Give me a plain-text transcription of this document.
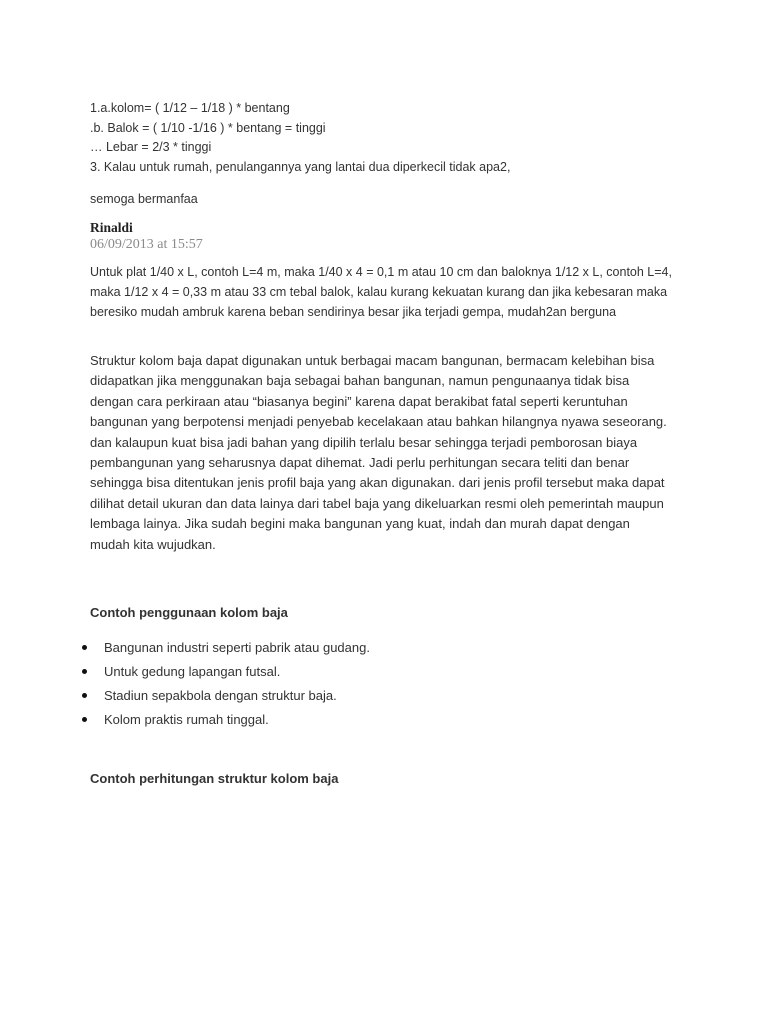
1.a.kolom= ( 1/12 – 1/18 ) * bentang
.b. Balok = ( 1/10 -1/16 ) * bentang = tinggi
… Lebar = 2/3 * tinggi
3. Kalau untuk rumah, penulangannya yang lantai dua diperkecil tidak apa2,
semoga bermanfaa
Rinaldi
06/09/2013 at 15:57
Untuk plat 1/40 x L, contoh L=4 m, maka 1/40 x 4 = 0,1 m atau 10 cm dan baloknya 1/12 x L, contoh L=4,
maka 1/12 x 4 = 0,33 m atau 33 cm tebal balok, kalau kurang kekuatan kurang dan jika kebesaran maka
beresiko mudah ambruk karena beban sendirinya besar jika terjadi gempa, mudah2an berguna
Struktur kolom baja dapat digunakan untuk berbagai macam bangunan, bermacam kelebihan bisa
didapatkan jika menggunakan baja sebagai bahan bangunan, namun pengunaanya tidak bisa
dengan cara perkiraan atau “biasanya begini” karena dapat berakibat fatal seperti keruntuhan
bangunan yang berpotensi menjadi penyebab kecelakaan atau bahkan hilangnya nyawa seseorang.
dan kalaupun kuat bisa jadi bahan yang dipilih terlalu besar sehingga terjadi pemborosan biaya
pembangunan yang seharusnya dapat dihemat. Jadi perlu perhitungan secara teliti dan benar
sehingga bisa ditentukan jenis profil baja yang akan digunakan. dari jenis profil tersebut maka dapat
dilihat detail ukuran dan data lainya dari tabel baja yang dikeluarkan resmi oleh pemerintah maupun
lembaga lainya. Jika sudah begini maka bangunan yang kuat, indah dan murah dapat dengan
mudah kita wujudkan.
Contoh penggunaan kolom baja
Bangunan industri seperti pabrik atau gudang.
Untuk gedung lapangan futsal.
Stadiun sepakbola dengan struktur baja.
Kolom praktis rumah tinggal.
Contoh perhitungan struktur kolom baja
